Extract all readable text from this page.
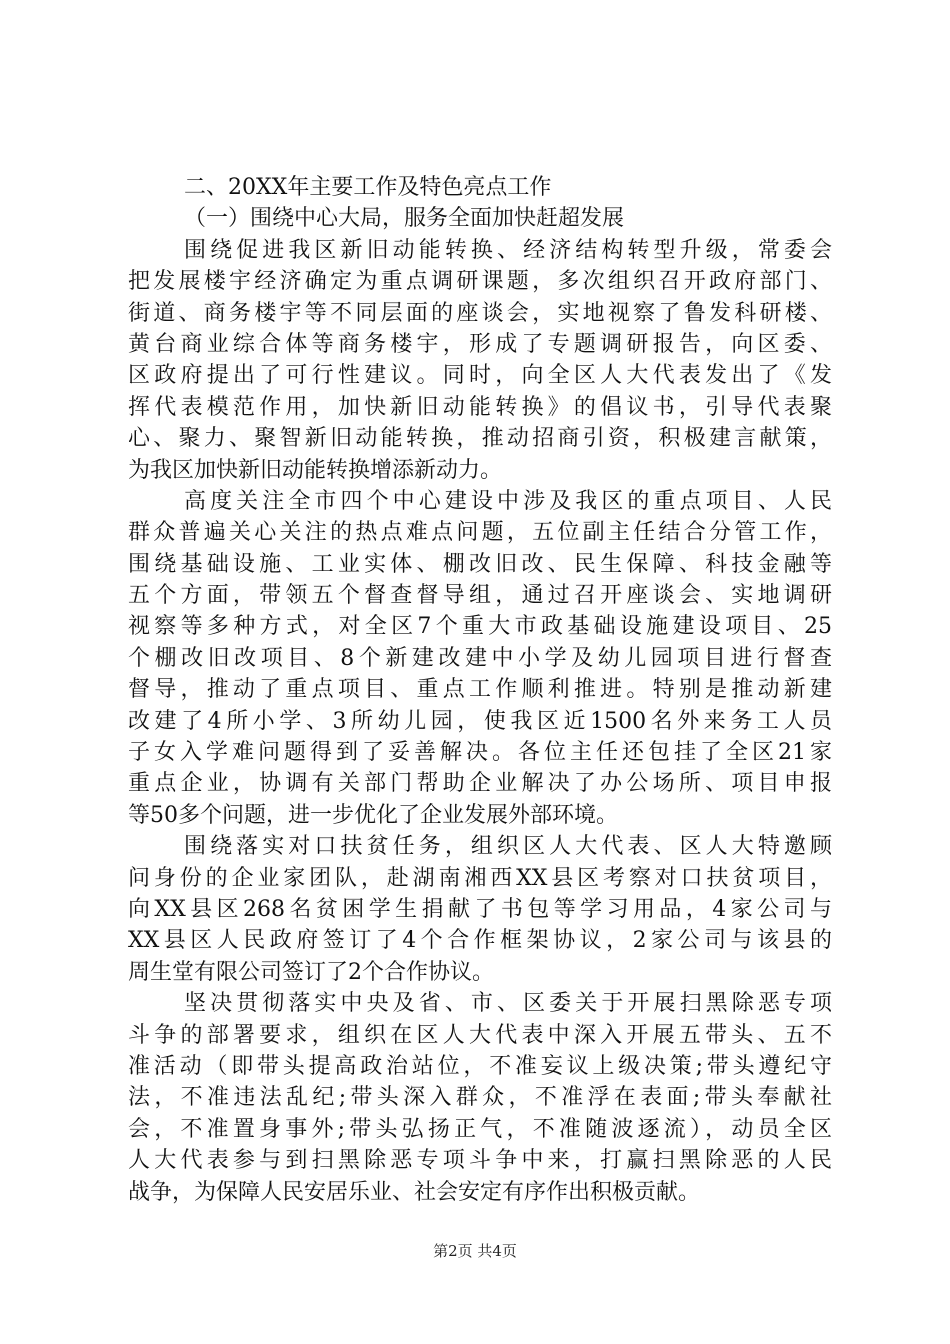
二、20XX年主要工作及特色亮点工作
（一）围绕中心大局，服务全面加快赶超发展
围绕促进我区新旧动能转换、经济结构转型升级，常委会
把发展楼宇经济确定为重点调研课题，多次组织召开政府部门、
街道、商务楼宇等不同层面的座谈会，实地视察了鲁发科研楼、
黄台商业综合体等商务楼宇，形成了专题调研报告，向区委、
区政府提出了可行性建议。同时，向全区人大代表发出了《发
挥代表模范作用，加快新旧动能转换》的倡议书，引导代表聚
心、聚力、聚智新旧动能转换，推动招商引资，积极建言献策，
为我区加快新旧动能转换增添新动力。
高度关注全市四个中心建设中涉及我区的重点项目、人民
群众普遍关心关注的热点难点问题，五位副主任结合分管工作，
围绕基础设施、工业实体、棚改旧改、民生保障、科技金融等
五个方面，带领五个督查督导组，通过召开座谈会、实地调研
视察等多种方式，对全区7个重大市政基础设施建设项目、25
个棚改旧改项目、8个新建改建中小学及幼儿园项目进行督查
督导，推动了重点项目、重点工作顺利推进。特别是推动新建
改建了4所小学、3所幼儿园，使我区近1500名外来务工人员
子女入学难问题得到了妥善解决。各位主任还包挂了全区21家
重点企业，协调有关部门帮助企业解决了办公场所、项目申报
等50多个问题，进一步优化了企业发展外部环境。
围绕落实对口扶贫任务，组织区人大代表、区人大特邀顾
问身份的企业家团队，赴湖南湘西XX县区考察对口扶贫项目，
向XX县区268名贫困学生捐献了书包等学习用品，4家公司与
XX县区人民政府签订了4个合作框架协议，2家公司与该县的
周生堂有限公司签订了2个合作协议。
坚决贯彻落实中央及省、市、区委关于开展扫黑除恶专项
斗争的部署要求，组织在区人大代表中深入开展五带头、五不
准活动（即带头提高政治站位，不准妄议上级决策;带头遵纪守
法，不准违法乱纪;带头深入群众，不准浮在表面;带头奉献社
会，不准置身事外;带头弘扬正气，不准随波逐流），动员全区
人大代表参与到扫黑除恶专项斗争中来，打赢扫黑除恶的人民
战争，为保障人民安居乐业、社会安定有序作出积极贡献。
第2页 共4页
